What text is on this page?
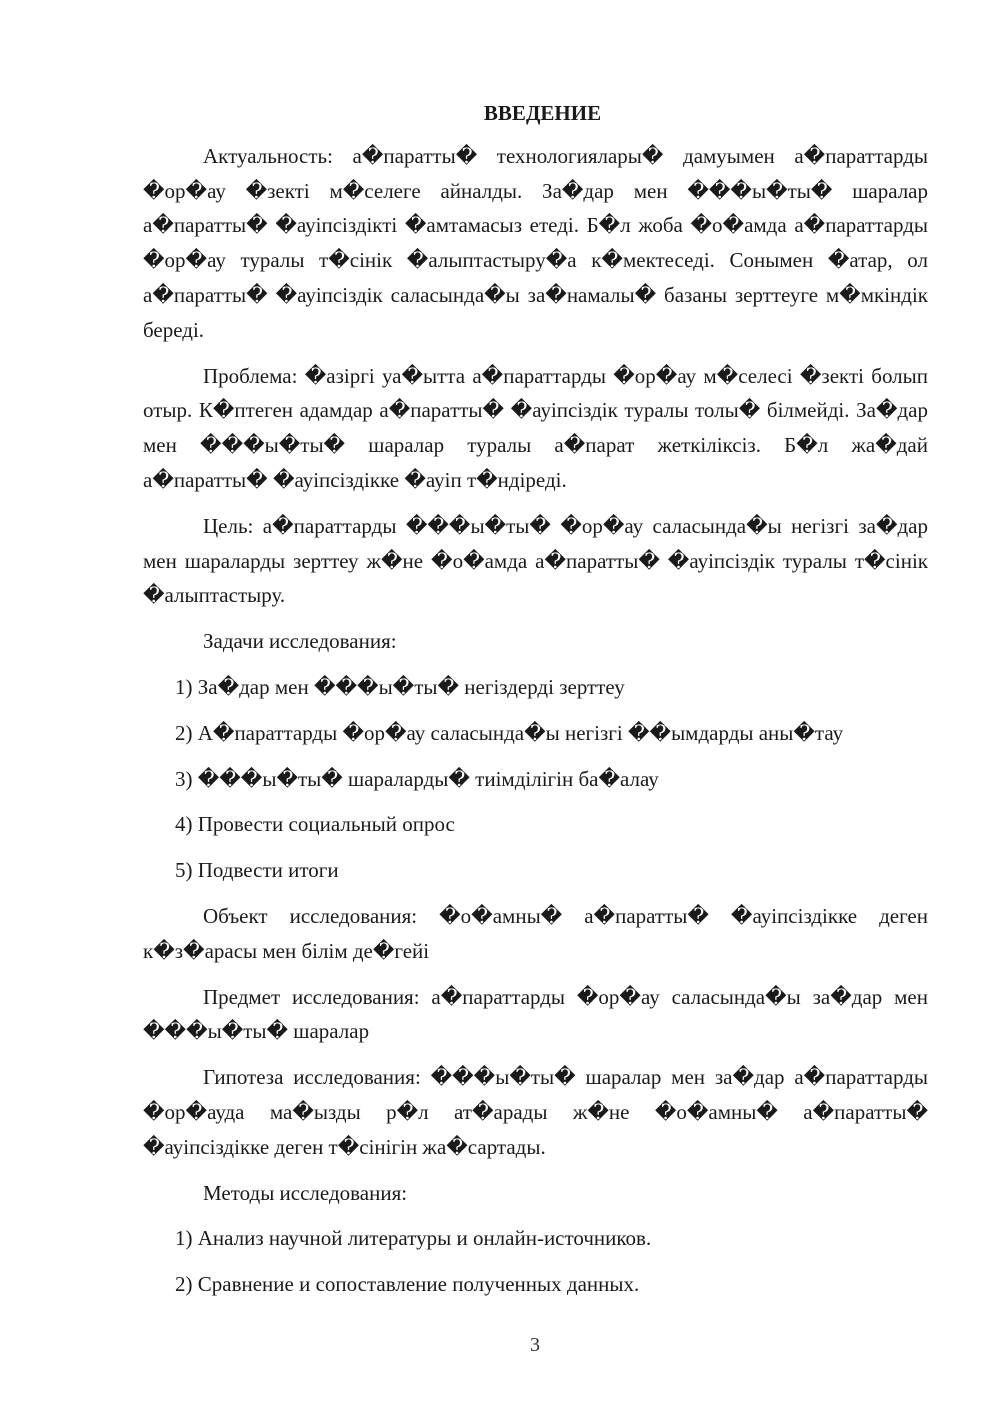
ВВЕДЕНИЕ

Актуальность: а�паратты� технологиялары� дамуымен а�параттарды �ор�ау �зекті м�селеге айналды. За�дар мен ���ы�ты� шаралар а�паратты� �ауіпсіздікті �амтамасыз етеді. Б�л жоба �о�амда а�параттарды �ор�ау туралы т�сінік �алыптастыру�а к�мектеседі. Сонымен �атар, ол а�паратты� �ауіпсіздік саласында�ы за�намалы� базаны зерттеуге м�мкіндік береді.

Проблема: �азіргі уа�ытта а�параттарды �ор�ау м�селесі �зекті болып отыр. К�птеген адамдар а�паратты� �ауіпсіздік туралы толы� білмейді. За�дар мен ���ы�ты� шаралар туралы а�парат жеткіліксіз. Б�л жа�дай а�паратты� �ауіпсіздікке �ауіп т�ндіреді.

Цель: а�параттарды ���ы�ты� �ор�ау саласында�ы негізгі за�дар мен шараларды зерттеу ж�не �о�амда а�паратты� �ауіпсіздік туралы т�сінік �алыптастыру.

Задачи исследования:
1) За�дар мен ���ы�ты� негіздерді зерттеу
2) А�параттарды �ор�ау саласында�ы негізгі ��ымдарды аны�тау
3) ���ы�ты� шараларды� тиімділігін ба�алау
4) Провести социальный опрос
5) Подвести итоги

Объект исследования: �о�амны� а�паратты� �ауіпсіздікке деген к�з�арасы мен білім де�гейі

Предмет исследования: а�параттарды �ор�ау саласында�ы за�дар мен ���ы�ты� шаралар

Гипотеза исследования: ���ы�ты� шаралар мен за�дар а�параттарды �ор�ауда ма�ызды р�л ат�арады ж�не �о�амны� а�паратты� �ауіпсіздікке деген т�сінігін жа�сартады.

Методы исследования:
1) Анализ научной литературы и онлайн-источников.
2) Сравнение и сопоставление полученных данных.
3
